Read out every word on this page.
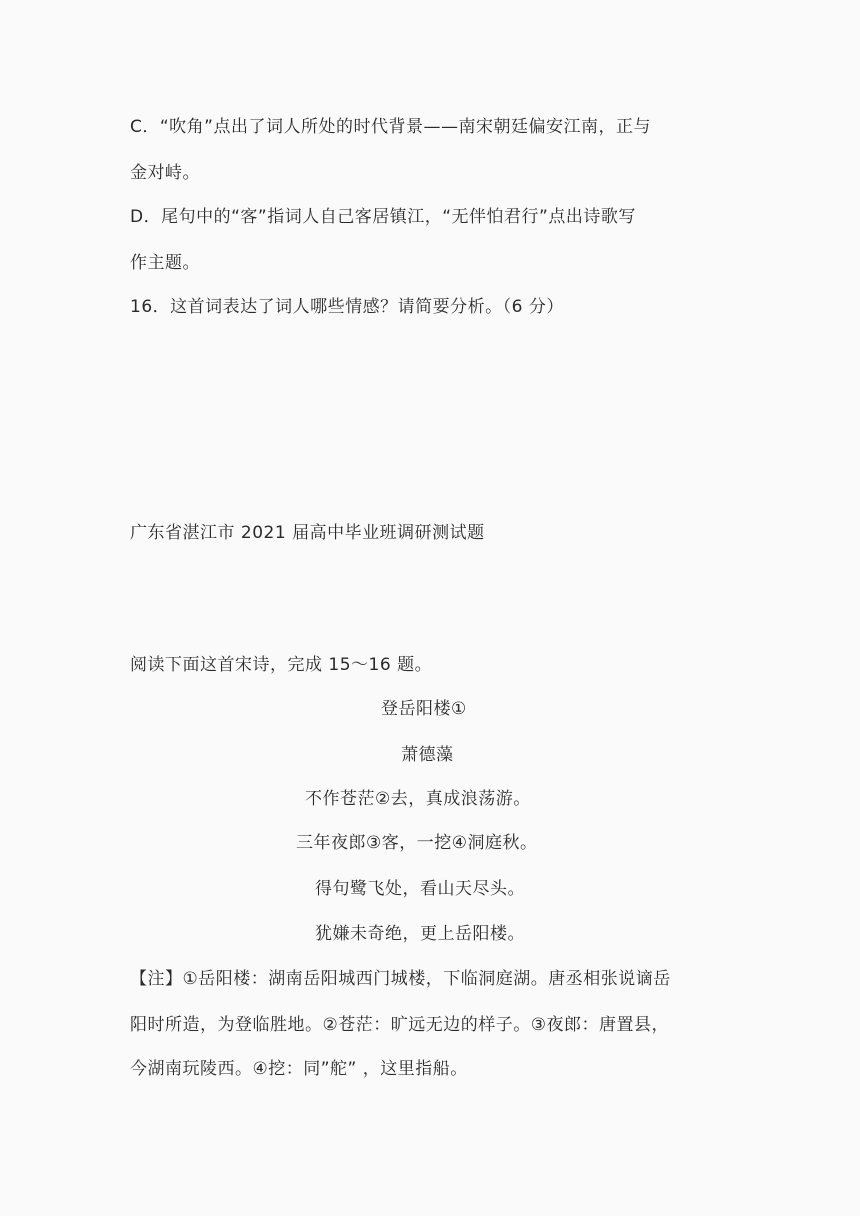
C．“吹角”点出了词人所处的时代背景——南宋朝廷偏安江南，正与
金对峙。
D．尾句中的“客”指词人自己客居镇江，“无伴怕君行”点出诗歌写
作主题。
16．这首词表达了词人哪些情感？请简要分析。（6 分）
广东省湛江市 2021 届高中毕业班调研测试题
阅读下面这首宋诗，完成 15～16 题。
登岳阳楼①
萧德藻
不作苍茫②去，真成浪荡游。
三年夜郎③客，一挖④洞庭秋。
得句鹭飞处，看山天尽头。
犹嫌未奇绝，更上岳阳楼。
【注】①岳阳楼：湖南岳阳城西门城楼，下临洞庭湖。唐丞相张说谪岳
阳时所造，为登临胜地。②苍茫：旷远无边的样子。③夜郎：唐置县，
今湖南玩陵西。④挖：同”舵” ，这里指船。
